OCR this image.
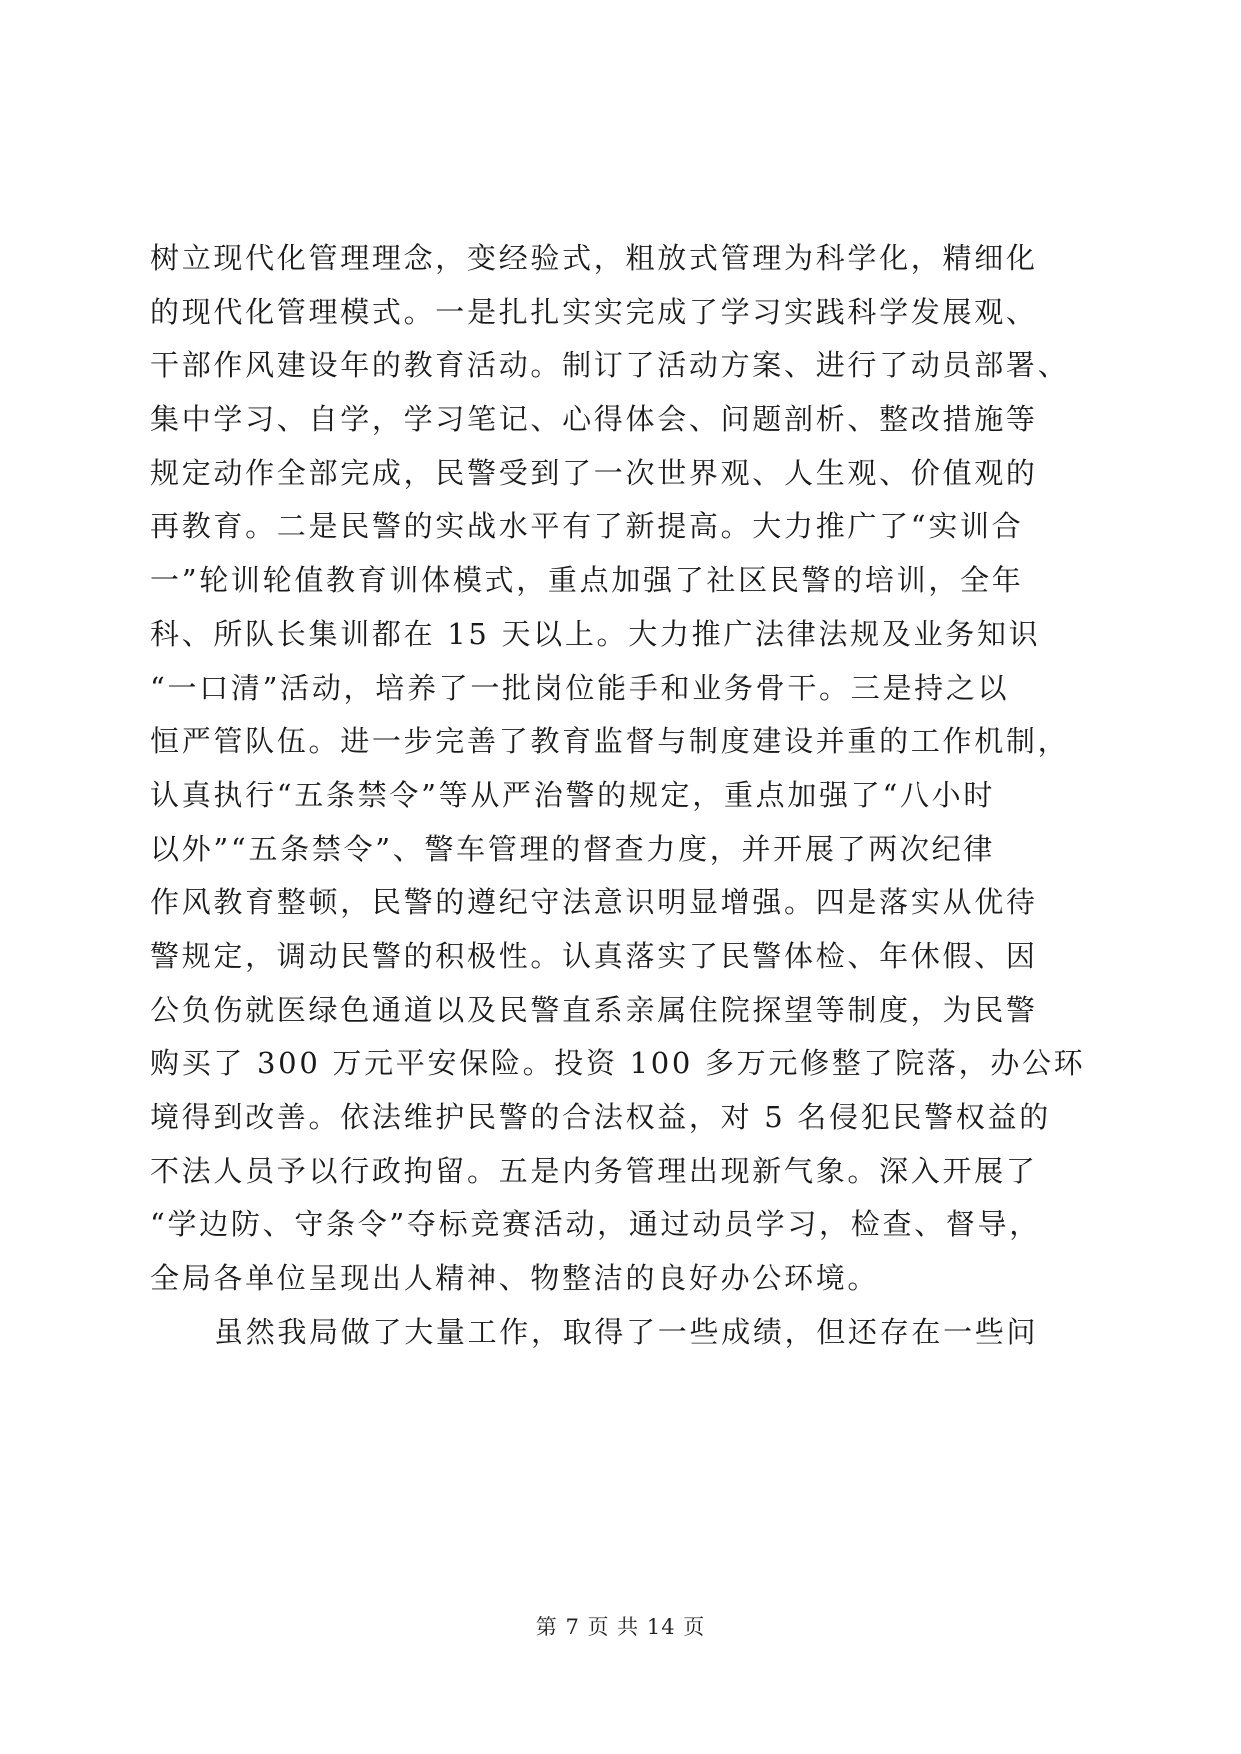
树立现代化管理理念，变经验式，粗放式管理为科学化，精细化
的现代化管理模式。一是扎扎实实完成了学习实践科学发展观、
干部作风建设年的教育活动。制订了活动方案、进行了动员部署、
集中学习、自学，学习笔记、心得体会、问题剖析、整改措施等
规定动作全部完成，民警受到了一次世界观、人生观、价值观的
再教育。二是民警的实战水平有了新提高。大力推广了“实训合
一”轮训轮值教育训体模式，重点加强了社区民警的培训，全年
科、所队长集训都在 15 天以上。大力推广法律法规及业务知识
“一口清”活动，培养了一批岗位能手和业务骨干。三是持之以
恒严管队伍。进一步完善了教育监督与制度建设并重的工作机制，
认真执行“五条禁令”等从严治警的规定，重点加强了“八小时
以外”“五条禁令”、警车管理的督查力度，并开展了两次纪律
作风教育整顿，民警的遵纪守法意识明显增强。四是落实从优待
警规定，调动民警的积极性。认真落实了民警体检、年休假、因
公负伤就医绿色通道以及民警直系亲属住院探望等制度，为民警
购买了 300 万元平安保险。投资 100 多万元修整了院落，办公环
境得到改善。依法维护民警的合法权益，对 5 名侵犯民警权益的
不法人员予以行政拘留。五是内务管理出现新气象。深入开展了
“学边防、守条令”夺标竞赛活动，通过动员学习，检查、督导，
全局各单位呈现出人精神、物整洁的良好办公环境。
虽然我局做了大量工作，取得了一些成绩，但还存在一些问
第 7 页 共 14 页
